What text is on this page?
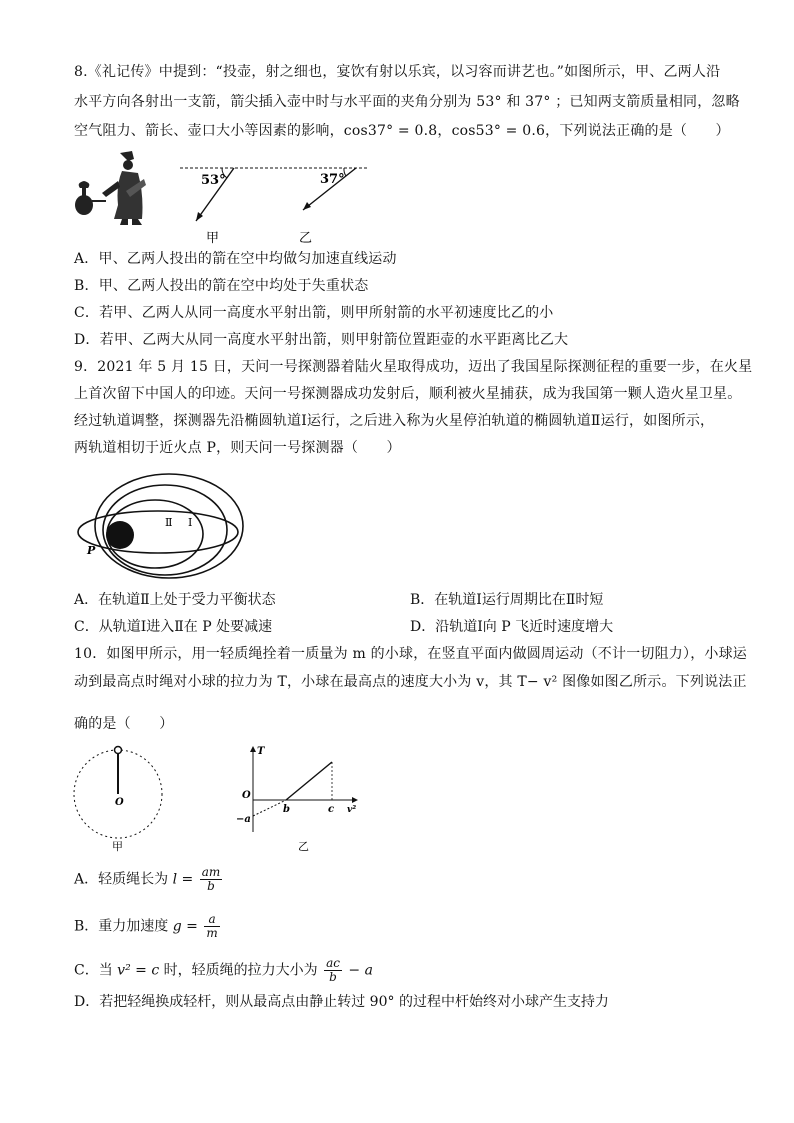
8.《礼记传》中提到：“投壶，射之细也，宴饮有射以乐宾，以习容而讲艺也。”如图所示，甲、乙两人沿
水平方向各射出一支箭，箭尖插入壶中时与水平面的夹角分别为 53° 和 37° ；已知两支箭质量相同，忽略
空气阻力、箭长、壶口大小等因素的影响，cos37° = 0.8，cos53° = 0.6，下列说法正确的是（　　）
53°
甲
37°
乙
A．甲、乙两人投出的箭在空中均做匀加速直线运动
B．甲、乙两人投出的箭在空中均处于失重状态
C．若甲、乙两人从同一高度水平射出箭，则甲所射箭的水平初速度比乙的小
D．若甲、乙两大从同一高度水平射出箭，则甲射箭位置距壶的水平距离比乙大
9．2021 年 5 月 15 日，天问一号探测器着陆火星取得成功，迈出了我国星际探测征程的重要一步，在火星
上首次留下中国人的印迹。天问一号探测器成功发射后，顺利被火星捕获，成为我国第一颗人造火星卫星。
经过轨道调整，探测器先沿椭圆轨道Ⅰ运行，之后进入称为火星停泊轨道的椭圆轨道Ⅱ运行，如图所示，
两轨道相切于近火点 P，则天问一号探测器（　　）
P
Ⅱ Ⅰ
A．在轨道Ⅱ上处于受力平衡状态	B．在轨道Ⅰ运行周期比在Ⅱ时短
C．从轨道Ⅰ进入Ⅱ在 P 处要减速	D．沿轨道Ⅰ向 P 飞近时速度增大
10．如图甲所示，用一轻质绳拴着一质量为 m 的小球，在竖直平面内做圆周运动（不计一切阻力），小球运
动到最高点时绳对小球的拉力为 T，小球在最高点的速度大小为 v，其 T− v² 图像如图乙所示。下列说法正
确的是（　　）
O
甲
T
O
b	c
−a
v²
乙
A．轻质绳长为 $l = \frac{am}{b}$
B．重力加速度 $g = \frac{a}{m}$
C．当 v² = c 时，轻质绳的拉力大小为 $\frac{ac}{b} - a$
D．若把轻绳换成轻杆，则从最高点由静止转过 90° 的过程中杆始终对小球产生支持力
